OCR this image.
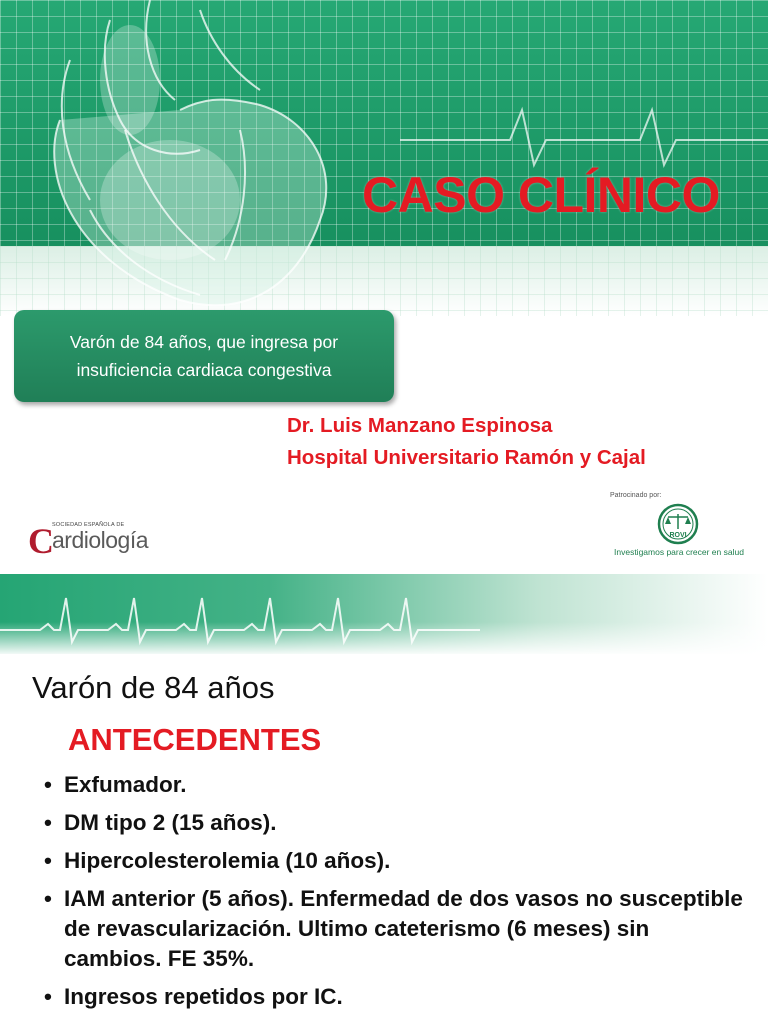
CASO CLÍNICO
Varón de 84 años, que ingresa por
insuficiencia cardiaca congestiva
Dr. Luis Manzano Espinosa
Hospital Universitario Ramón y Cajal
C
SOCIEDAD ESPAÑOLA DE
ardiología
Patrocinado por:
ROVI
Investigamos para crecer en salud
Varón de 84 años
ANTECEDENTES
• Exfumador.
• DM tipo 2 (15 años).
• Hipercolesterolemia (10 años).
• IAM anterior (5 años). Enfermedad de dos vasos no susceptible de revascularización. Ultimo cateterismo (6 meses) sin cambios. FE 35%.
• Ingresos repetidos por IC.
